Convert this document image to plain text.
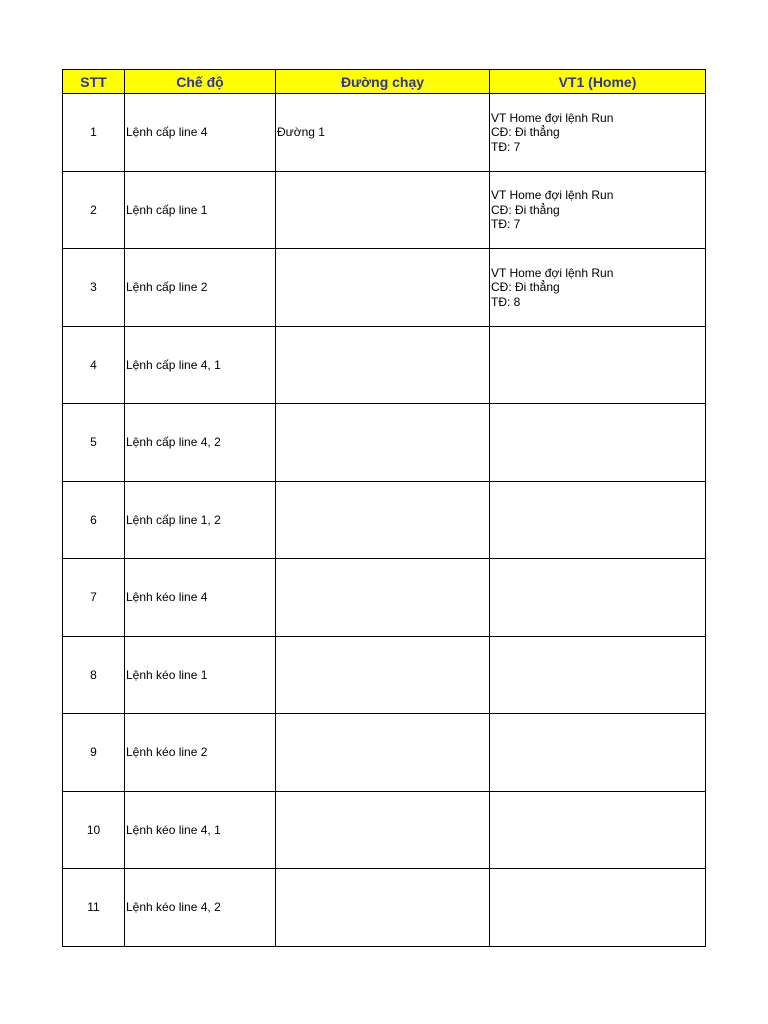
STT	Chế độ	Đường chạy	VT1 (Home)
1	Lệnh cấp line 4	Đường 1	VT Home đợi lệnh Run
CĐ: Đi thẳng
TĐ: 7

2	Lệnh cấp line 1		VT Home đợi lệnh Run
CĐ: Đi thẳng
TĐ: 7

3	Lệnh cấp line 2		VT Home đợi lệnh Run
CĐ: Đi thẳng
TĐ: 8

4	Lệnh cấp line 4, 1		
5	Lệnh cấp line 4, 2		
6	Lệnh cấp line 1, 2		
7	Lệnh kéo line 4		
8	Lệnh kéo line 1		
9	Lệnh kéo line 2		
10	Lệnh kéo line 4, 1		
11	Lệnh kéo line 4, 2		
